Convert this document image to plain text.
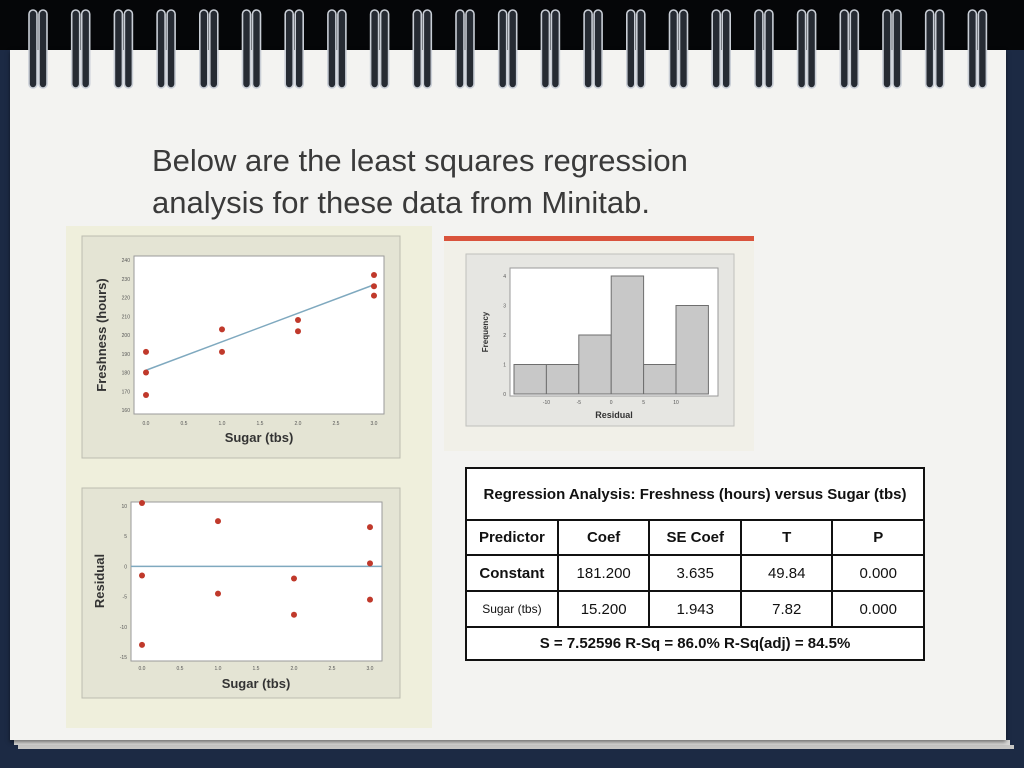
Below are the least squares regression
analysis for these data from Minitab.
160
170
180
190
200
210
220
230
240
0.0	0.5	1.0	1.5	2.0	2.5	3.0
Sugar (tbs)
Freshness (hours)
10
5
0
-5
-10
-15
0.0	0.5	1.0	1.5	2.0	2.5	3.0
Sugar (tbs)
Residual
0
1
2
3
4
-10	-5	0	5	10
Residual
Frequency
Regression Analysis: Freshness (hours) versus Sugar (tbs)				
Predictor	Coef	SE Coef	T	P
Constant	181.200	3.635	49.84	0.000
Sugar (tbs)	15.200	1.943	7.82	0.000
S = 7.52596 R-Sq = 86.0% R-Sq(adj) = 84.5%				
